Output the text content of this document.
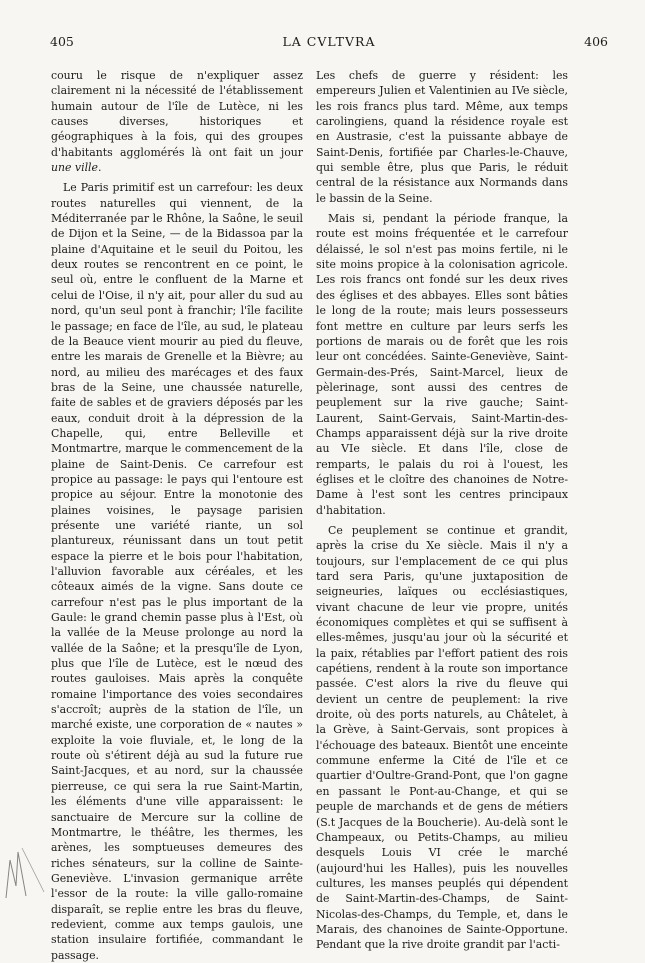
405	LA CVLTVRA	406

couru le risque de n'expliquer assez clairement ni la nécessité de l'établissement humain autour de l'île de Lutèce, ni les causes diverses, historiques et géographiques à la fois, qui des groupes d'habitants agglomérés là ont fait un jour une ville.

Le Paris primitif est un carrefour: les deux routes naturelles qui viennent, de la Méditerranée par le Rhône, la Saône, le seuil de Dijon et la Seine, — de la Bidassoa par la plaine d'Aquitaine et le seuil du Poitou, les deux routes se rencontrent en ce point, le seul où, entre le confluent de la Marne et celui de l'Oise, il n'y ait, pour aller du sud au nord, qu'un seul pont à franchir; l'île facilite le passage; en face de l'île, au sud, le plateau de la Beauce vient mourir au pied du fleuve, entre les marais de Grenelle et la Bièvre; au nord, au milieu des marécages et des faux bras de la Seine, une chaussée naturelle, faite de sables et de graviers déposés par les eaux, conduit droit à la dépression de la Chapelle, qui, entre Belleville et Montmartre, marque le commencement de la plaine de Saint-Denis. Ce carrefour est propice au passage: le pays qui l'entoure est propice au séjour. Entre la monotonie des plaines voisines, le paysage parisien présente une variété riante, un sol plantureux, réunissant dans un tout petit espace la pierre et le bois pour l'habitation, l'alluvion favorable aux céréales, et les côteaux aimés de la vigne. Sans doute ce carrefour n'est pas le plus important de la Gaule: le grand chemin passe plus à l'Est, où la vallée de la Meuse prolonge au nord la vallée de la Saône; et la presqu'île de Lyon, plus que l'île de Lutèce, est le nœud des routes gauloises. Mais après la conquête romaine l'importance des voies secondaires s'accroît; auprès de la station de l'île, un marché existe, une corporation de « nautes » exploite la voie fluviale, et, le long de la route où s'étirent déjà au sud la future rue Saint-Jacques, et au nord, sur la chaussée pierreuse, ce qui sera la rue Saint-Martin, les éléments d'une ville apparaissent: le sanctuaire de Mercure sur la colline de Montmartre, le théâtre, les thermes, les arènes, les somptueuses demeures des riches sénateurs, sur la colline de Sainte-Geneviève. L'invasion germanique arrête l'essor de la route: la ville gallo-romaine disparaît, se replie entre les bras du fleuve, redevient, comme aux temps gaulois, une station insulaire fortifiée, commandant le passage.

Les chefs de guerre y résident: les empereurs Julien et Valentinien au IVe siècle, les rois francs plus tard. Même, aux temps carolingiens, quand la résidence royale est en Austrasie, c'est la puissante abbaye de Saint-Denis, fortifiée par Charles-le-Chauve, qui semble être, plus que Paris, le réduit central de la résistance aux Normands dans le bassin de la Seine.

Mais si, pendant la période franque, la route est moins fréquentée et le carrefour délaissé, le sol n'est pas moins fertile, ni le site moins propice à la colonisation agricole. Les rois francs ont fondé sur les deux rives des églises et des abbayes. Elles sont bâties le long de la route; mais leurs possesseurs font mettre en culture par leurs serfs les portions de marais ou de forêt que les rois leur ont concédées. Sainte-Geneviève, Saint-Germain-des-Prés, Saint-Marcel, lieux de pèlerinage, sont aussi des centres de peuplement sur la rive gauche; Saint-Laurent, Saint-Gervais, Saint-Martin-des-Champs apparaissent déjà sur la rive droite au VIe siècle. Et dans l'île, close de remparts, le palais du roi à l'ouest, les églises et le cloître des chanoines de Notre-Dame à l'est sont les centres principaux d'habitation.

Ce peuplement se continue et grandit, après la crise du Xe siècle. Mais il n'y a toujours, sur l'emplacement de ce qui plus tard sera Paris, qu'une juxtaposition de seigneuries, laïques ou ecclésiastiques, vivant chacune de leur vie propre, unités économiques complètes et qui se suffisent à elles-mêmes, jusqu'au jour où la sécurité et la paix, rétablies par l'effort patient des rois capétiens, rendent à la route son importance passée. C'est alors la rive du fleuve qui devient un centre de peuplement: la rive droite, où des ports naturels, au Châtelet, à la Grève, à Saint-Gervais, sont propices à l'échouage des bateaux. Bientôt une enceinte commune enferme la Cité de l'île et ce quartier d'Oultre-Grand-Pont, que l'on gagne en passant le Pont-au-Change, et qui se peuple de marchands et de gens de métiers (S.t Jacques de la Boucherie). Au-delà sont le Champeaux, ou Petits-Champs, au milieu desquels Louis VI crée le marché (aujourd'hui les Halles), puis les nouvelles cultures, les manses peuplés qui dépendent de Saint-Martin-des-Champs, de Saint-Nicolas-des-Champs, du Temple, et, dans le Marais, des chanoines de Sainte-Opportune. Pendant que la rive droite grandit par l'acti-
